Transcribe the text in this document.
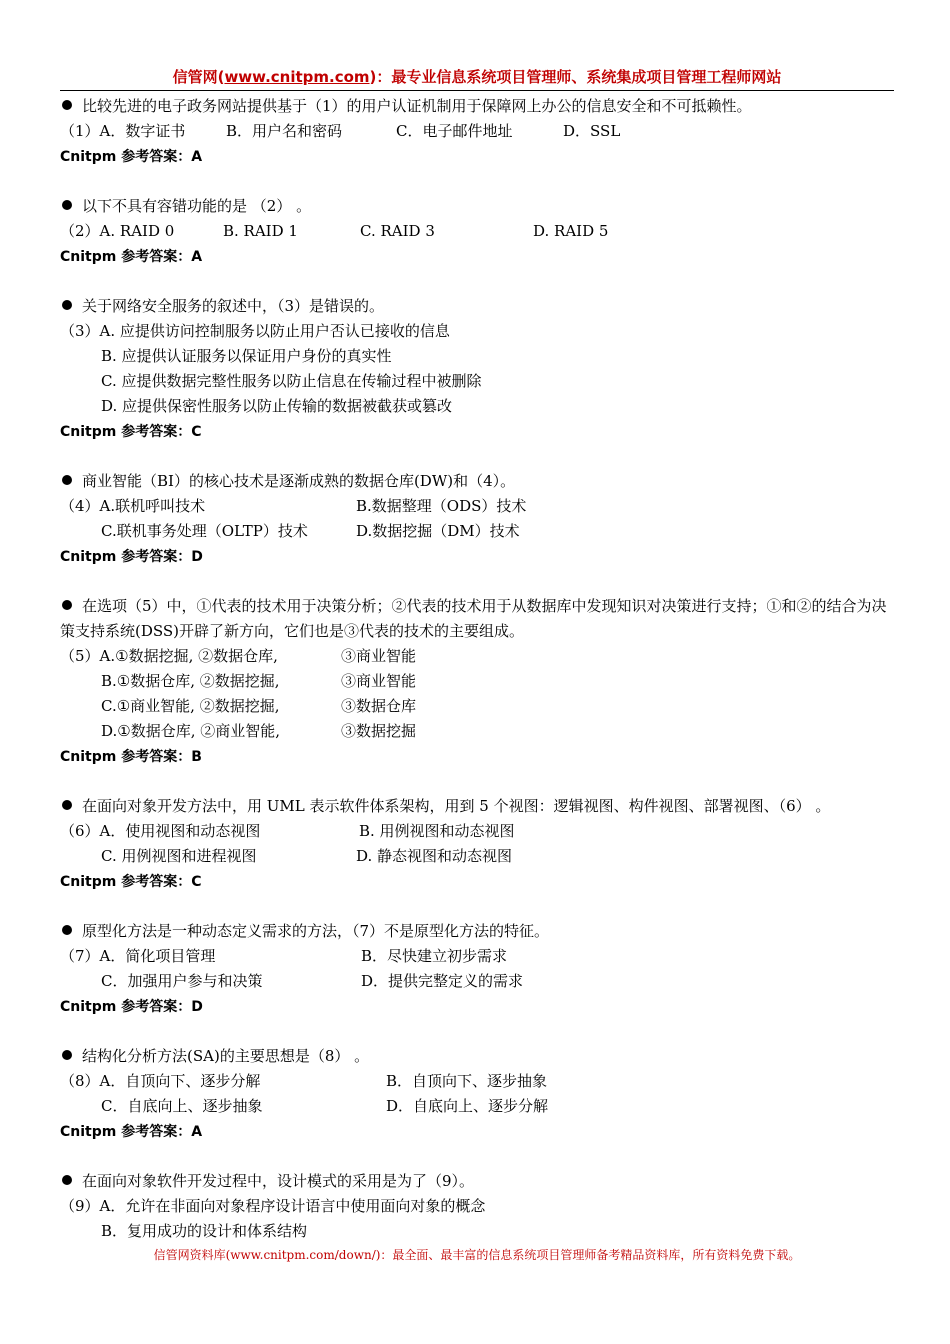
信管网(www.cnitpm.com)：最专业信息系统项目管理师、系统集成项目管理工程师网站
比较先进的电子政务网站提供基于（1）的用户认证机制用于保障网上办公的信息安全和不可抵赖性。
（1）A．数字证书	B．用户名和密码	C．电子邮件地址	D．SSL
Cnitpm 参考答案：A
以下不具有容错功能的是 （2） 。
（2）A. RAID 0	B. RAID 1	C. RAID 3	D. RAID 5
Cnitpm 参考答案：A
关于网络安全服务的叙述中，（3）是错误的。
（3）A. 应提供访问控制服务以防止用户否认已接收的信息
B. 应提供认证服务以保证用户身份的真实性
C. 应提供数据完整性服务以防止信息在传输过程中被删除
D. 应提供保密性服务以防止传输的数据被截获或篡改
Cnitpm 参考答案：C
商业智能（BI）的核心技术是逐渐成熟的数据仓库(DW)和（4）。
（4）A.联机呼叫技术	B.数据整理（ODS）技术
C.联机事务处理（OLTP）技术	D.数据挖掘（DM）技术
Cnitpm 参考答案：D
在选项（5）中，①代表的技术用于决策分析；②代表的技术用于从数据库中发现知识对决策进行支持；①和②的结合为决策支持系统(DSS)开辟了新方向，它们也是③代表的技术的主要组成。
（5）A.①数据挖掘, ②数据仓库,	③商业智能
B.①数据仓库, ②数据挖掘,	③商业智能
C.①商业智能, ②数据挖掘,	③数据仓库
D.①数据仓库, ②商业智能,	③数据挖掘
Cnitpm 参考答案：B
在面向对象开发方法中，用 UML 表示软件体系架构，用到 5 个视图：逻辑视图、构件视图、部署视图、（6） 。
（6）A．使用视图和动态视图	B. 用例视图和动态视图
C. 用例视图和进程视图	D. 静态视图和动态视图
Cnitpm 参考答案：C
原型化方法是一种动态定义需求的方法，（7）不是原型化方法的特征。
（7）A．简化项目管理	B．尽快建立初步需求
C．加强用户参与和决策	D．提供完整定义的需求
Cnitpm 参考答案：D
结构化分析方法(SA)的主要思想是（8） 。
（8）A．自顶向下、逐步分解	B．自顶向下、逐步抽象
C．自底向上、逐步抽象	D．自底向上、逐步分解
Cnitpm 参考答案：A
在面向对象软件开发过程中，设计模式的采用是为了（9）。
（9）A．允许在非面向对象程序设计语言中使用面向对象的概念
B．复用成功的设计和体系结构
信管网资料库(www.cnitpm.com/down/)：最全面、最丰富的信息系统项目管理师备考精品资料库，所有资料免费下载。
